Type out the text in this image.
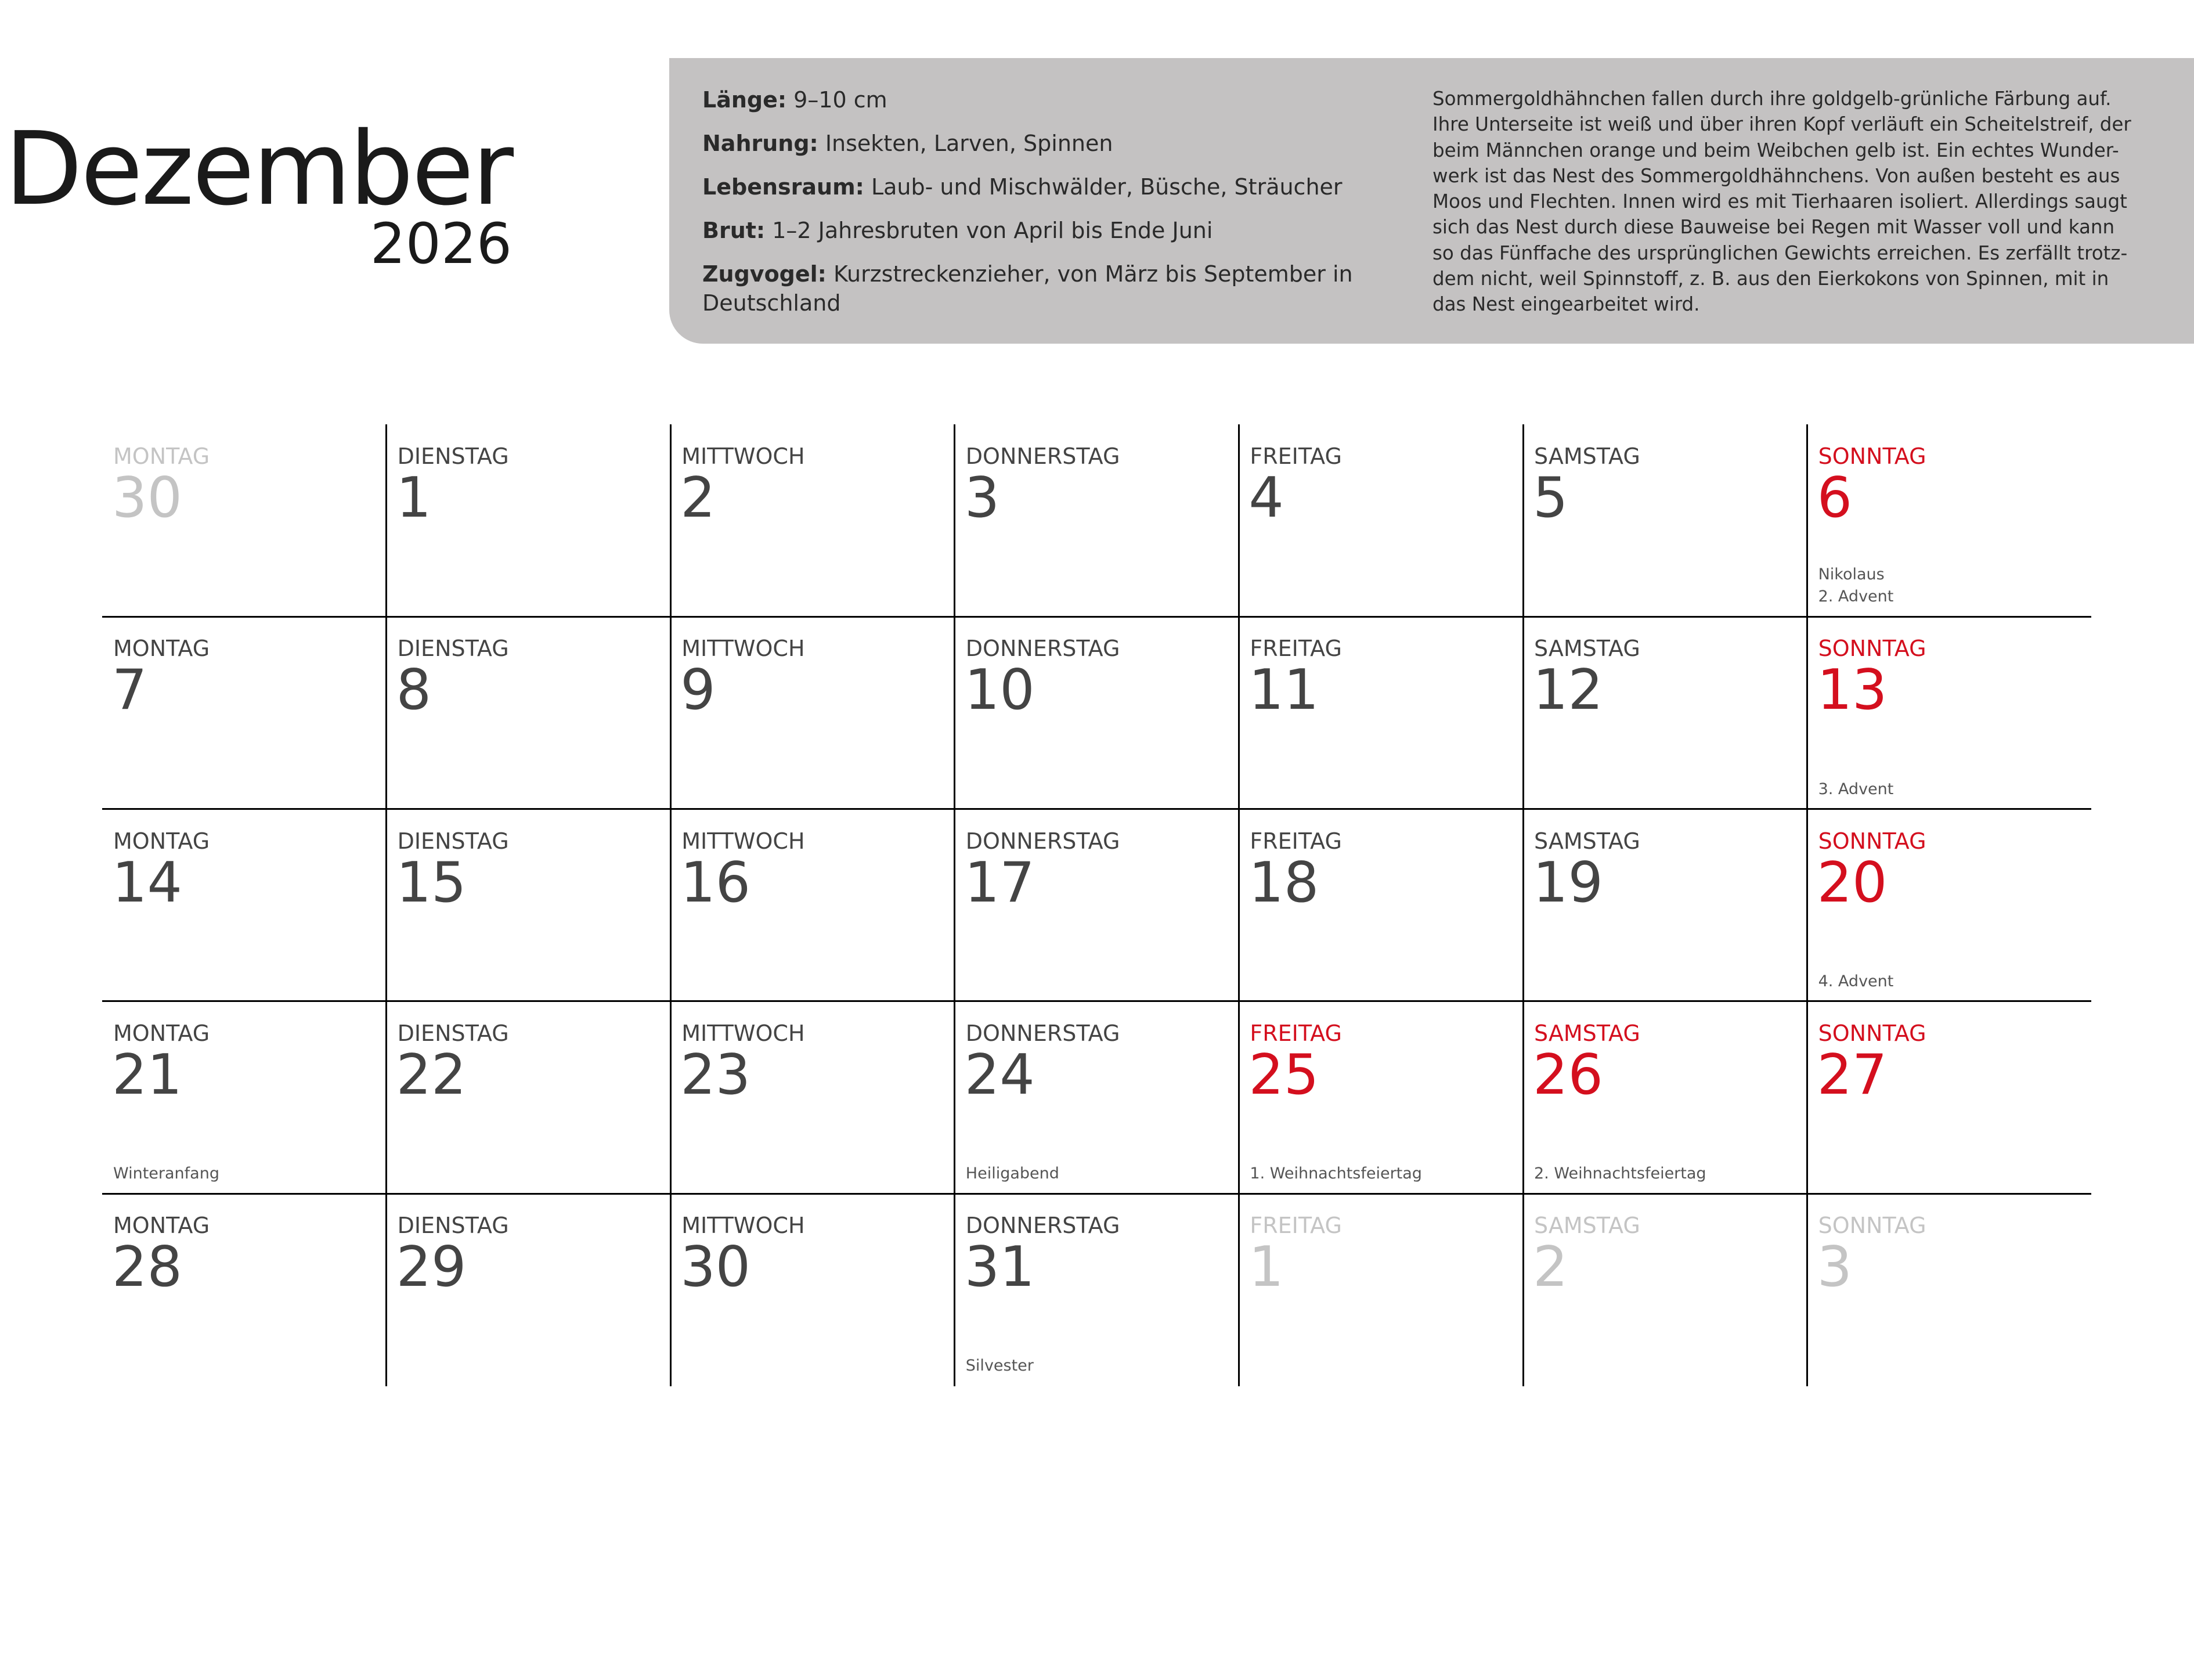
Dezember
2026
Länge: 9–10 cm
Nahrung: Insekten, Larven, Spinnen
Lebensraum: Laub- und Mischwälder, Büsche, Sträucher
Brut: 1–2 Jahresbruten von April bis Ende Juni
Zugvogel: Kurzstreckenzieher, von März bis September in Deutschland
Sommergoldhähnchen fallen durch ihre goldgelb-grünliche Färbung auf.
Ihre Unterseite ist weiß und über ihren Kopf verläuft ein Scheitelstreif, der
beim Männchen orange und beim Weibchen gelb ist. Ein echtes Wunder-
werk ist das Nest des Sommergoldhähnchens. Von außen besteht es aus
Moos und Flechten. Innen wird es mit Tierhaaren isoliert. Allerdings saugt
sich das Nest durch diese Bauweise bei Regen mit Wasser voll und kann
so das Fünffache des ursprünglichen Gewichts erreichen. Es zerfällt trotz-
dem nicht, weil Spinnstoff, z. B. aus den Eierkokons von Spinnen, mit in
das Nest eingearbeitet wird.
MONTAG
30
DIENSTAG
1
MITTWOCH
2
DONNERSTAG
3
FREITAG
4
SAMSTAG
5
SONNTAG
6
Nikolaus
2. Advent
MONTAG
7
DIENSTAG
8
MITTWOCH
9
DONNERSTAG
10
FREITAG
11
SAMSTAG
12
SONNTAG
13
3. Advent
MONTAG
14
DIENSTAG
15
MITTWOCH
16
DONNERSTAG
17
FREITAG
18
SAMSTAG
19
SONNTAG
20
4. Advent
MONTAG
21
Winteranfang
DIENSTAG
22
MITTWOCH
23
DONNERSTAG
24
Heiligabend
FREITAG
25
1. Weihnachtsfeiertag
SAMSTAG
26
2. Weihnachtsfeiertag
SONNTAG
27
MONTAG
28
DIENSTAG
29
MITTWOCH
30
DONNERSTAG
31
Silvester
FREITAG
1
SAMSTAG
2
SONNTAG
3
